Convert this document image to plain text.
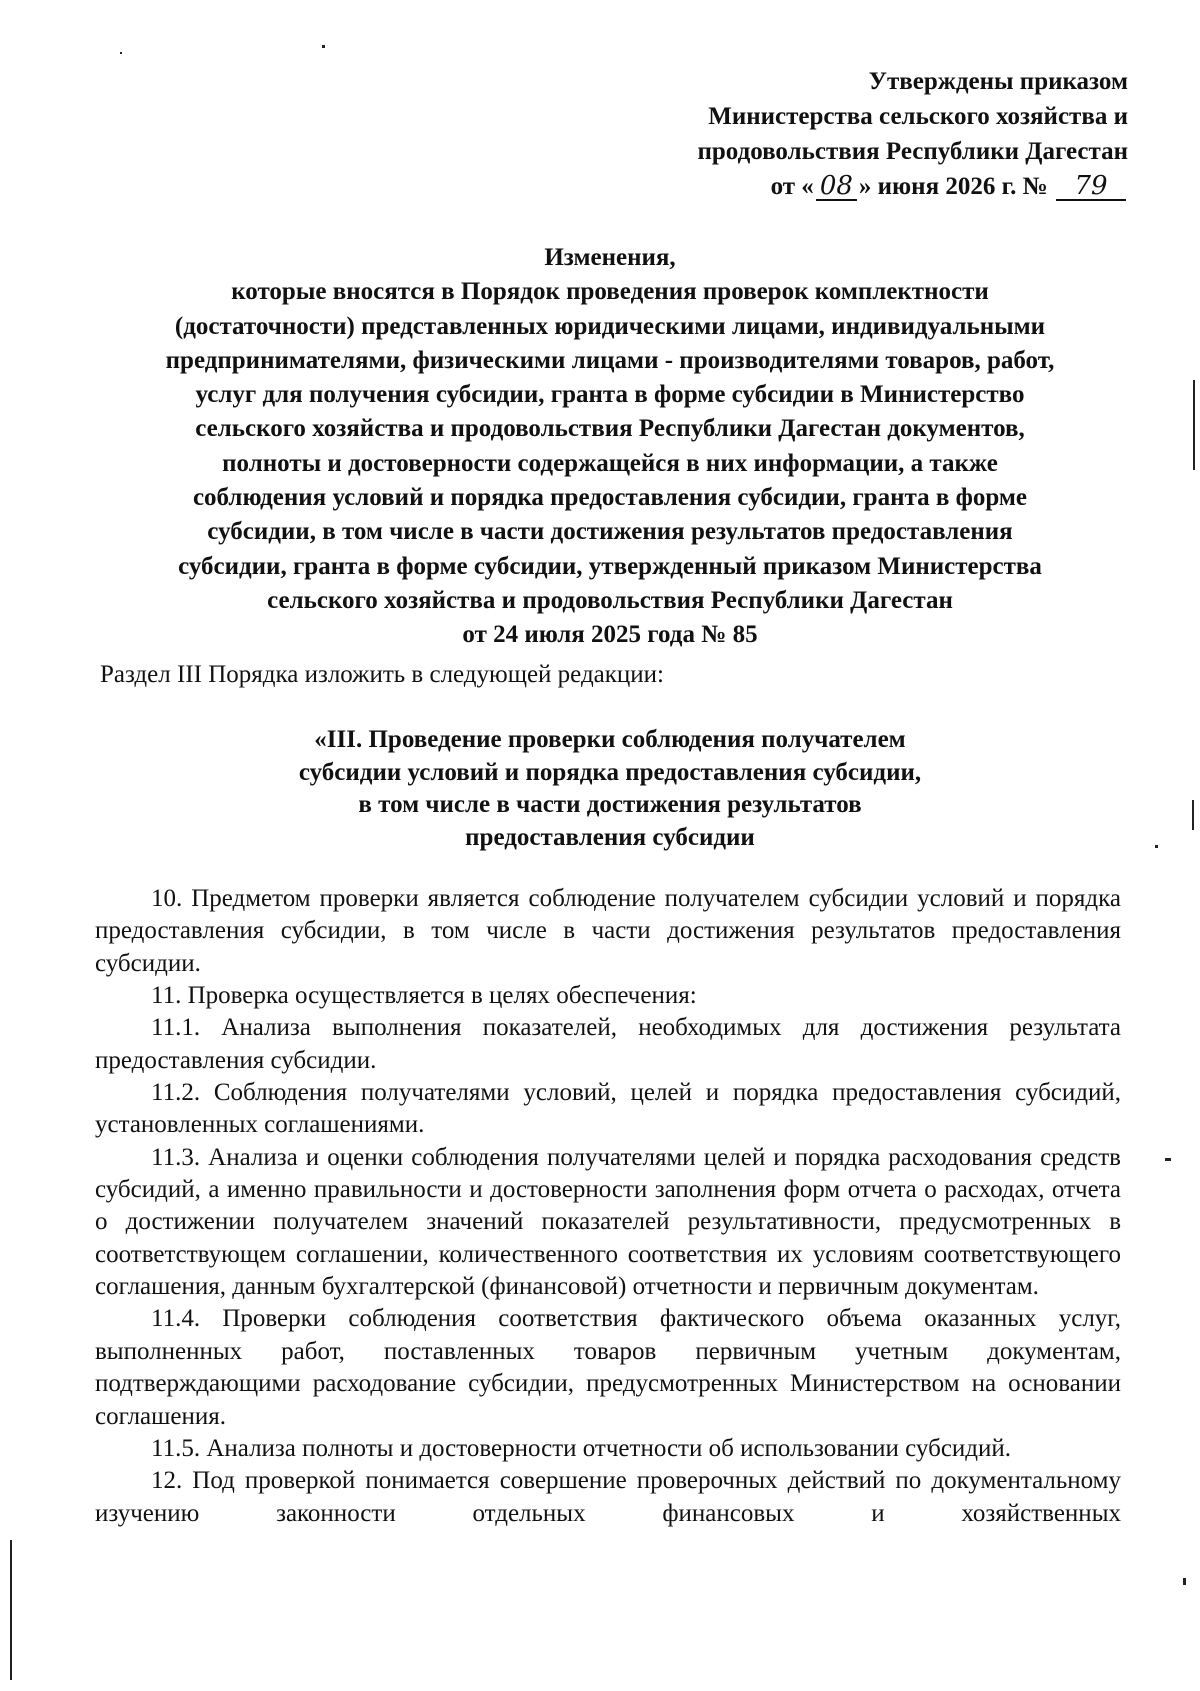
Утверждены приказом
Министерства сельского хозяйства и
продовольствия Республики Дагестан
от « 08 » июня 2026 г. № 79
Изменения,
которые вносятся в Порядок проведения проверок комплектности
(достаточности) представленных юридическими лицами, индивидуальными
предпринимателями, физическими лицами - производителями товаров, работ,
услуг для получения субсидии, гранта в форме субсидии в Министерство
сельского хозяйства и продовольствия Республики Дагестан документов,
полноты и достоверности содержащейся в них информации, а также
соблюдения условий и порядка предоставления субсидии, гранта в форме
субсидии, в том числе в части достижения результатов предоставления
субсидии, гранта в форме субсидии, утвержденный приказом Министерства
сельского хозяйства и продовольствия Республики Дагестан
от 24 июля 2025 года № 85
Раздел III Порядка изложить в следующей редакции:
«III. Проведение проверки соблюдения получателем
субсидии условий и порядка предоставления субсидии,
в том числе в части достижения результатов
предоставления субсидии

10. Предметом проверки является соблюдение получателем субсидии условий и порядка предоставления субсидии, в том числе в части достижения результатов предоставления субсидии.

11. Проверка осуществляется в целях обеспечения:

11.1. Анализа выполнения показателей, необходимых для достижения результата предоставления субсидии.

11.2. Соблюдения получателями условий, целей и порядка предоставления субсидий, установленных соглашениями.

11.3. Анализа и оценки соблюдения получателями целей и порядка расходования средств субсидий, а именно правильности и достоверности заполнения форм отчета о расходах, отчета о достижении получателем значений показателей результативности, предусмотренных в соответствующем соглашении, количественного соответствия их условиям соответствующего соглашения, данным бухгалтерской (финансовой) отчетности и первичным документам.

11.4. Проверки соблюдения соответствия фактического объема оказанных услуг, выполненных работ, поставленных товаров первичным учетным документам, подтверждающими расходование субсидии, предусмотренных Министерством на основании соглашения.

11.5. Анализа полноты и достоверности отчетности об использовании субсидий.

12. Под проверкой понимается совершение проверочных действий по документальному изучению законности отдельных финансовых и хозяйственных
